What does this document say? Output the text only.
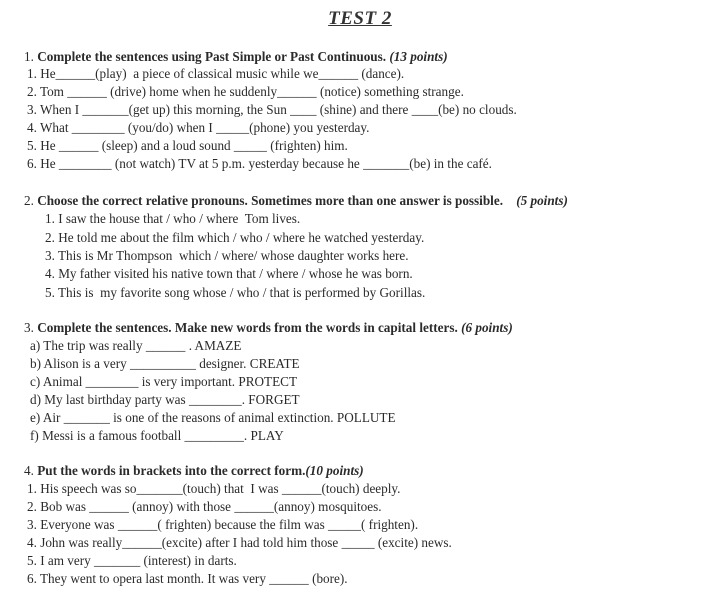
TEST 2
1. Complete the sentences using Past Simple or Past Continuous. (13 points)
1. He______(play)  a piece of classical music while we______ (dance).
2. Tom ______ (drive) home when he suddenly______ (notice) something strange.
3. When I _______(get up) this morning, the Sun ____ (shine) and there ____(be) no clouds.
4. What ________ (you/do) when I _____(phone) you yesterday.
5. He ______ (sleep) and a loud sound _____ (frighten) him.
6. He ________ (not watch) TV at 5 p.m. yesterday because he _______(be) in the café.
2. Choose the correct relative pronouns. Sometimes more than one answer is possible. (5 points)
1. I saw the house that / who / where  Tom lives.
2. He told me about the film which / who / where he watched yesterday.
3. This is Mr Thompson  which / where/ whose daughter works here.
4. My father visited his native town that / where / whose he was born.
5. This is  my favorite song whose / who / that is performed by Gorillas.
3. Complete the sentences. Make new words from the words in capital letters. (6 points)
a) The trip was really ______ . AMAZE
b) Alison is a very __________ designer. CREATE
c) Animal ________ is very important. PROTECT
d) My last birthday party was ________. FORGET
e) Air _______ is one of the reasons of animal extinction. POLLUTE
f) Messi is a famous football _________. PLAY
4. Put the words in brackets into the correct form.(10 points)
1. His speech was so_______(touch) that  I was ______(touch) deeply.
2. Bob was ______ (annoy) with those ______(annoy) mosquitoes.
3. Everyone was ______( frighten) because the film was _____( frighten).
4. John was really______(excite) after I had told him those _____ (excite) news.
5. I am very _______ (interest) in darts.
6. They went to opera last month. It was very ______ (bore).
